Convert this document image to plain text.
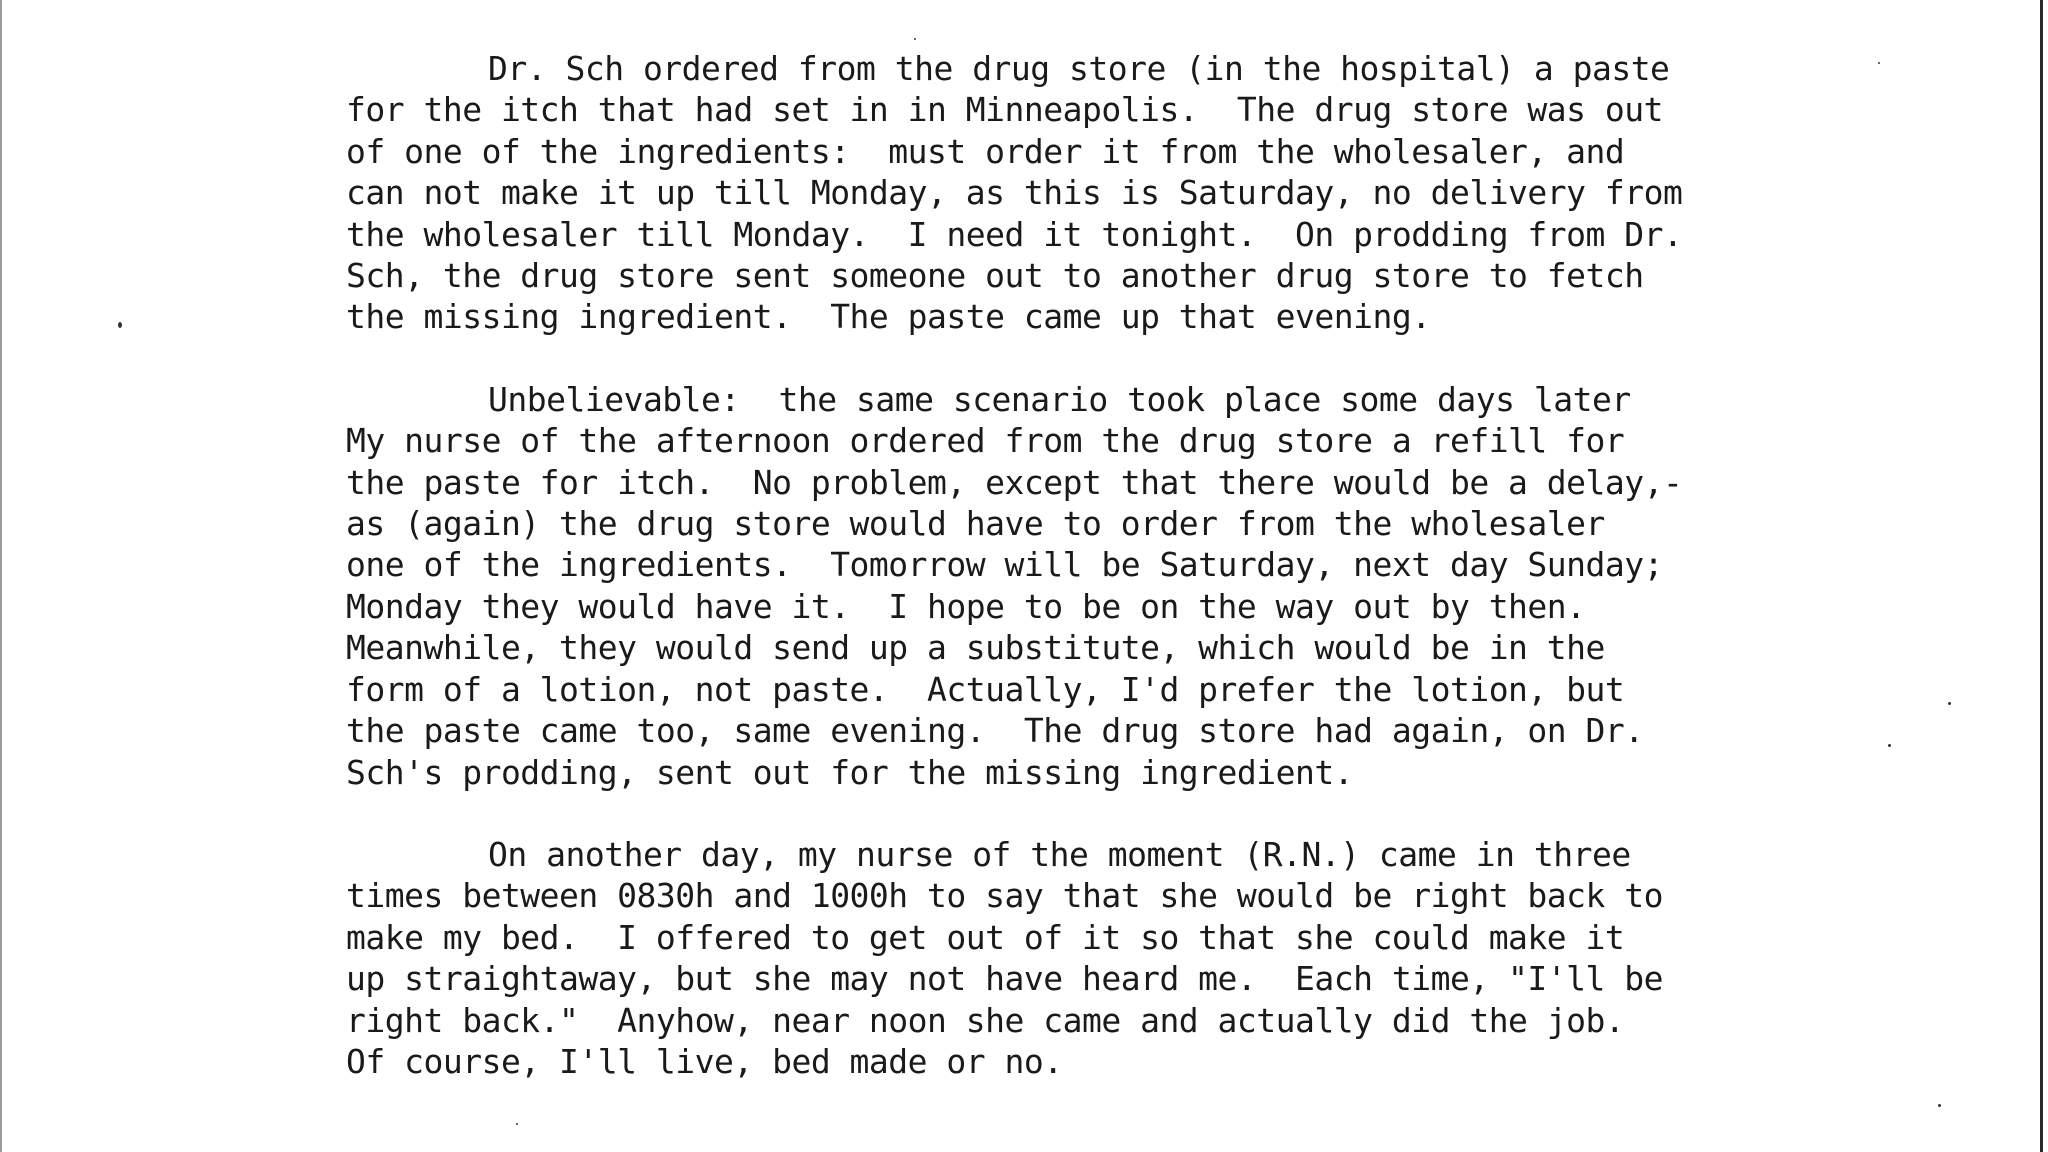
Dr. Sch ordered from the drug store (in the hospital) a paste
for the itch that had set in in Minneapolis.  The drug store was out
of one of the ingredients:  must order it from the wholesaler, and
can not make it up till Monday, as this is Saturday, no delivery from
the wholesaler till Monday.  I need it tonight.  On prodding from Dr.
Sch, the drug store sent someone out to another drug store to fetch
the missing ingredient.  The paste came up that evening.
Unbelievable:  the same scenario took place some days later
My nurse of the afternoon ordered from the drug store a refill for
the paste for itch.  No problem, except that there would be a delay,-
as (again) the drug store would have to order from the wholesaler
one of the ingredients.  Tomorrow will be Saturday, next day Sunday;
Monday they would have it.  I hope to be on the way out by then.
Meanwhile, they would send up a substitute, which would be in the
form of a lotion, not paste.  Actually, I'd prefer the lotion, but
the paste came too, same evening.  The drug store had again, on Dr.
Sch's prodding, sent out for the missing ingredient.
On another day, my nurse of the moment (R.N.) came in three
times between 0830h and 1000h to say that she would be right back to
make my bed.  I offered to get out of it so that she could make it
up straightaway, but she may not have heard me.  Each time, "I'll be
right back."  Anyhow, near noon she came and actually did the job.
Of course, I'll live, bed made or no.
